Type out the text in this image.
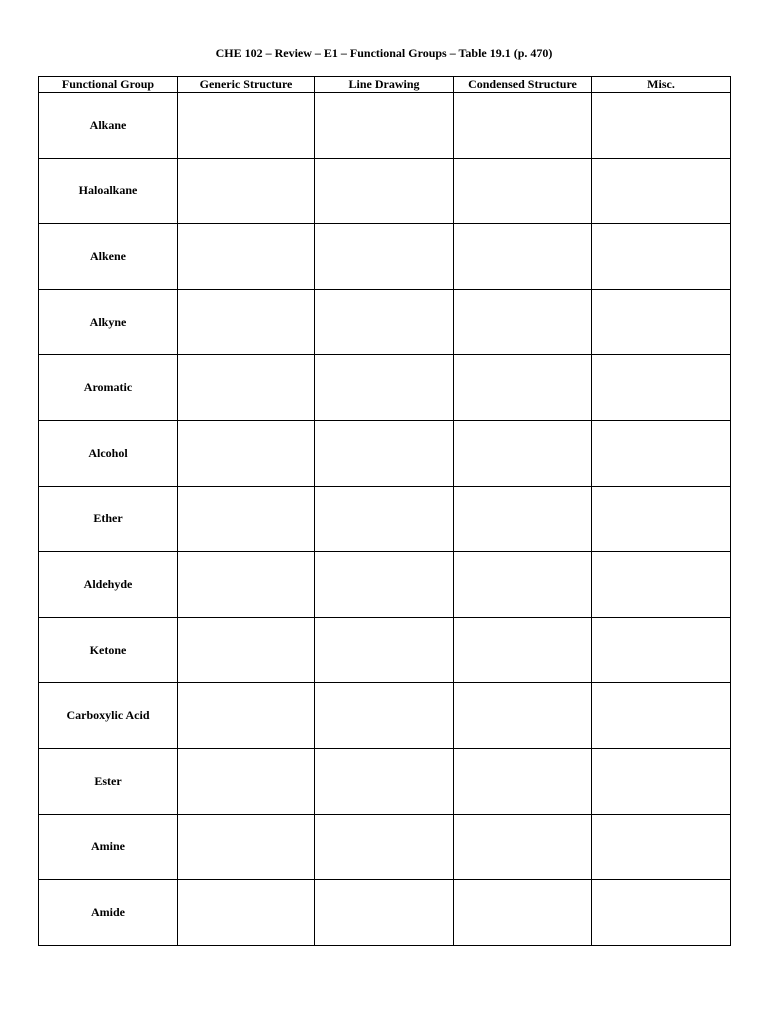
CHE 102 – Review – E1 – Functional Groups – Table 19.1 (p. 470)
Functional Group	Generic Structure	Line Drawing	Condensed Structure	Misc.
Alkane				
Haloalkane				
Alkene				
Alkyne				
Aromatic				
Alcohol				
Ether				
Aldehyde				
Ketone				
Carboxylic Acid				
Ester				
Amine				
Amide				
